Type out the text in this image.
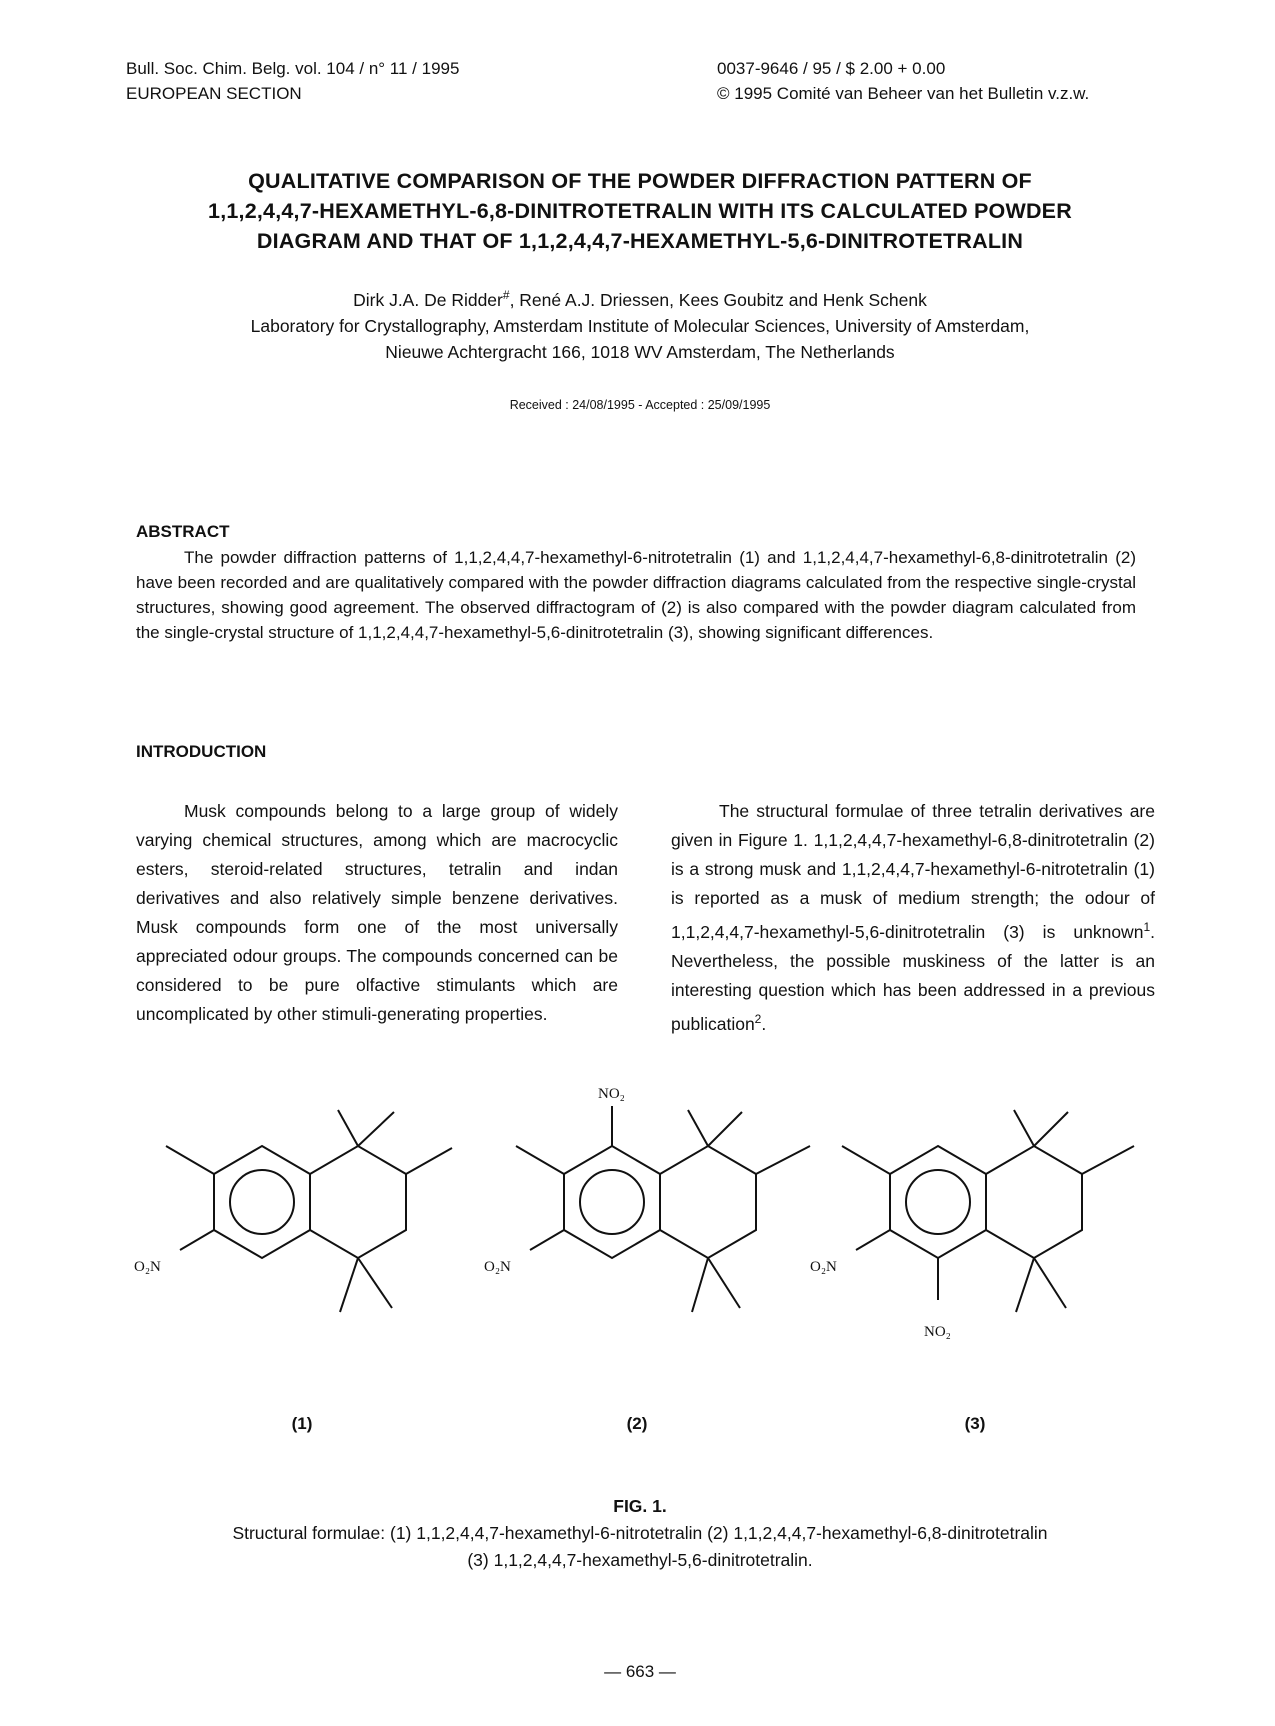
Bull. Soc. Chim. Belg. vol. 104 / n° 11 / 1995
EUROPEAN SECTION
0037-9646 / 95 / $ 2.00 + 0.00
© 1995 Comité van Beheer van het Bulletin v.z.w.
QUALITATIVE COMPARISON OF THE POWDER DIFFRACTION PATTERN OF
1,1,2,4,4,7-HEXAMETHYL-6,8-DINITROTETRALIN WITH ITS CALCULATED POWDER
DIAGRAM AND THAT OF 1,1,2,4,4,7-HEXAMETHYL-5,6-DINITROTETRALIN
Dirk J.A. De Ridder#, René A.J. Driessen, Kees Goubitz and Henk Schenk
Laboratory for Crystallography, Amsterdam Institute of Molecular Sciences, University of Amsterdam,
Nieuwe Achtergracht 166, 1018 WV Amsterdam, The Netherlands
Received : 24/08/1995 - Accepted : 25/09/1995
ABSTRACT
The powder diffraction patterns of 1,1,2,4,4,7-hexamethyl-6-nitrotetralin (1) and 1,1,2,4,4,7-hexamethyl-6,8-dinitrotetralin (2) have been recorded and are qualitatively compared with the powder diffraction diagrams calculated from the respective single-crystal structures, showing good agreement. The observed diffractogram of (2) is also compared with the powder diagram calculated from the single-crystal structure of 1,1,2,4,4,7-hexamethyl-5,6-dinitrotetralin (3), showing significant differences.
INTRODUCTION
Musk compounds belong to a large group of widely varying chemical structures, among which are macrocyclic esters, steroid-related structures, tetralin and indan derivatives and also relatively simple benzene derivatives. Musk compounds form one of the most universally appreciated odour groups. The compounds concerned can be considered to be pure olfactive stimulants which are uncomplicated by other stimuli-generating properties.
The structural formulae of three tetralin derivatives are given in Figure 1. 1,1,2,4,4,7-hexamethyl-6,8-dinitrotetralin (2) is a strong musk and 1,1,2,4,4,7-hexamethyl-6-nitrotetralin (1) is reported as a musk of medium strength; the odour of 1,1,2,4,4,7-hexamethyl-5,6-dinitrotetralin (3) is unknown$^1$. Nevertheless, the possible muskiness of the latter is an interesting question which has been addressed in a previous publication$^2$.
O₂N	O₂N
NO₂
O₂N
NO₂
(1)	(2)	(3)
FIG. 1.
Structural formulae: (1) 1,1,2,4,4,7-hexamethyl-6-nitrotetralin (2) 1,1,2,4,4,7-hexamethyl-6,8-dinitrotetralin
(3) 1,1,2,4,4,7-hexamethyl-5,6-dinitrotetralin.
— 663 —
